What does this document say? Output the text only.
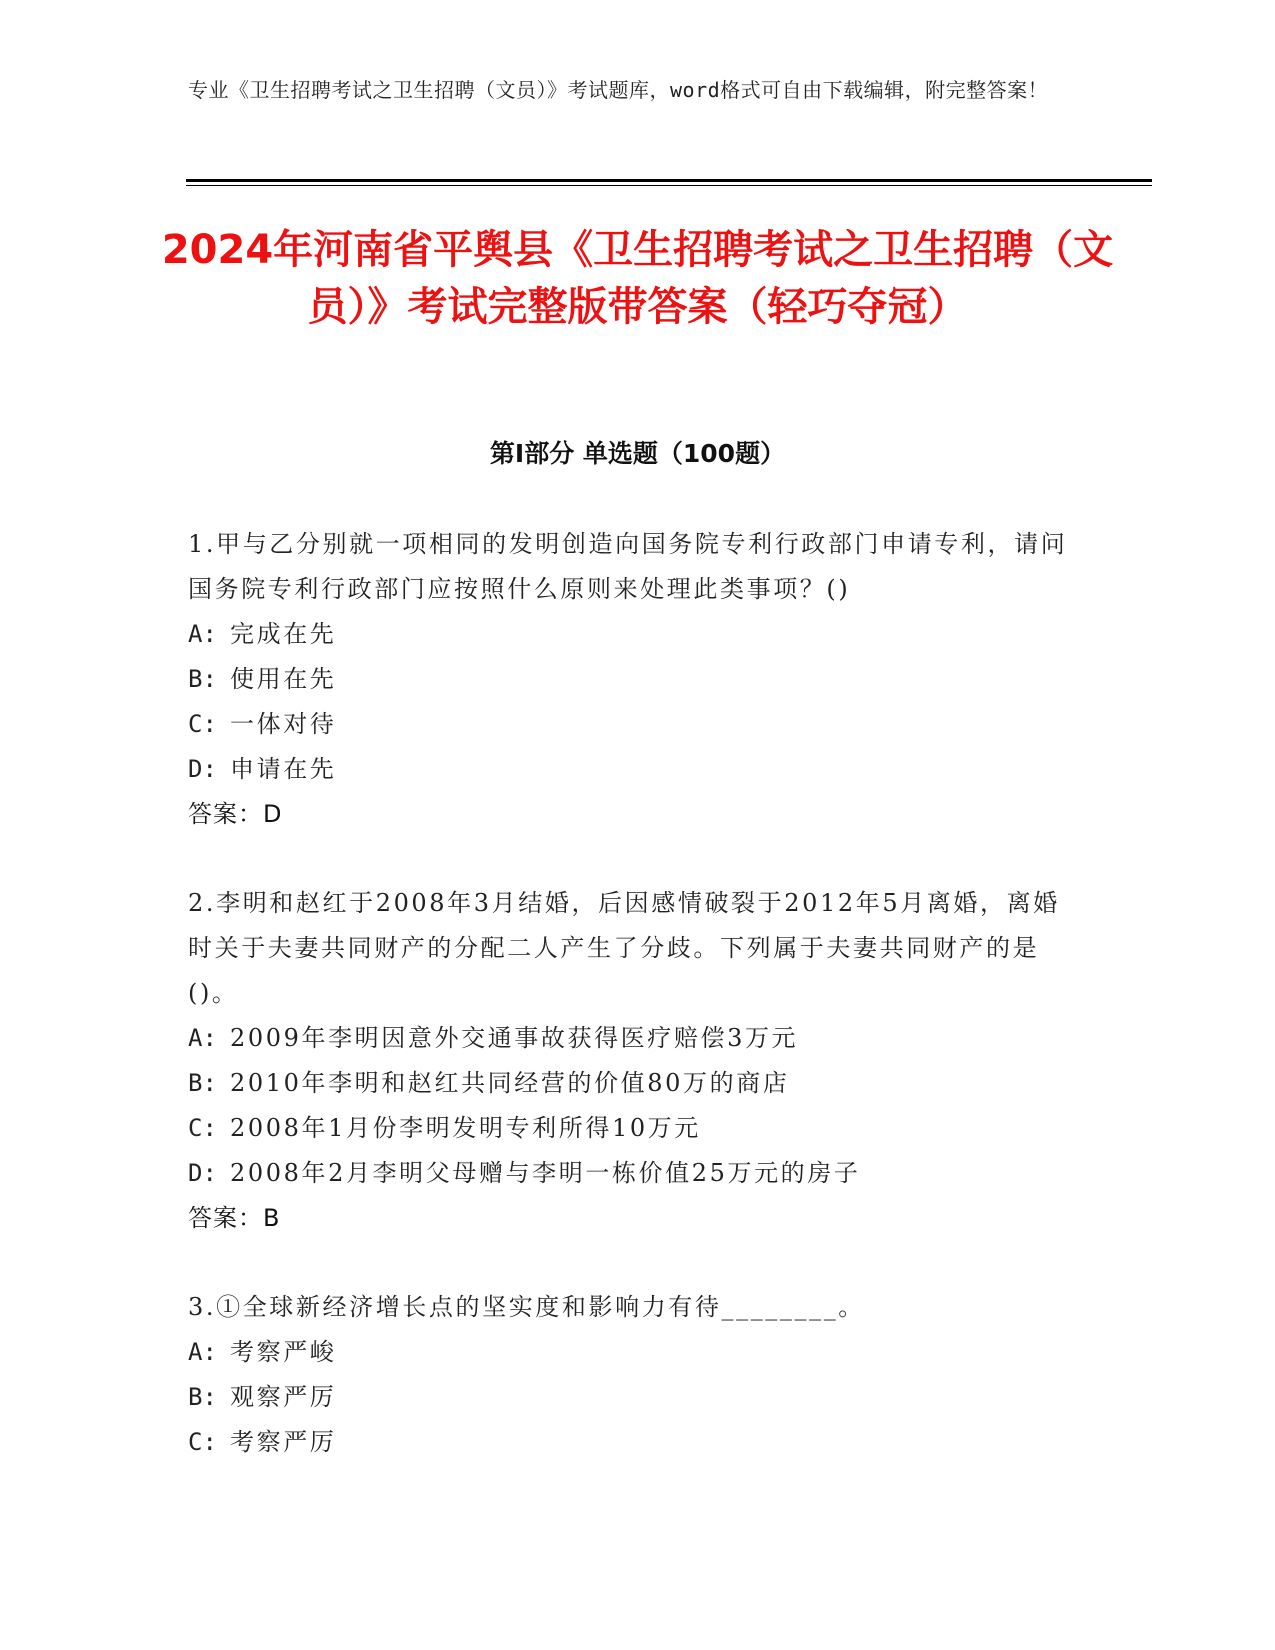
专业《卫生招聘考试之卫生招聘（文员）》考试题库，word格式可自由下载编辑，附完整答案！
2024年河南省平舆县《卫生招聘考试之卫生招聘（文员）》考试完整版带答案（轻巧夺冠）
第I部分 单选题（100题）
1.甲与乙分别就一项相同的发明创造向国务院专利行政部门申请专利，请问国务院专利行政部门应按照什么原则来处理此类事项？()
A: 完成在先
B: 使用在先
C: 一体对待
D: 申请在先
答案：D
2.李明和赵红于2008年3月结婚，后因感情破裂于2012年5月离婚，离婚时关于夫妻共同财产的分配二人产生了分歧。下列属于夫妻共同财产的是()。
A: 2009年李明因意外交通事故获得医疗赔偿3万元
B: 2010年李明和赵红共同经营的价值80万的商店
C: 2008年1月份李明发明专利所得10万元
D: 2008年2月李明父母赠与李明一栋价值25万元的房子
答案：B
3.①全球新经济增长点的坚实度和影响力有待________。
A: 考察严峻
B: 观察严厉
C: 考察严厉
